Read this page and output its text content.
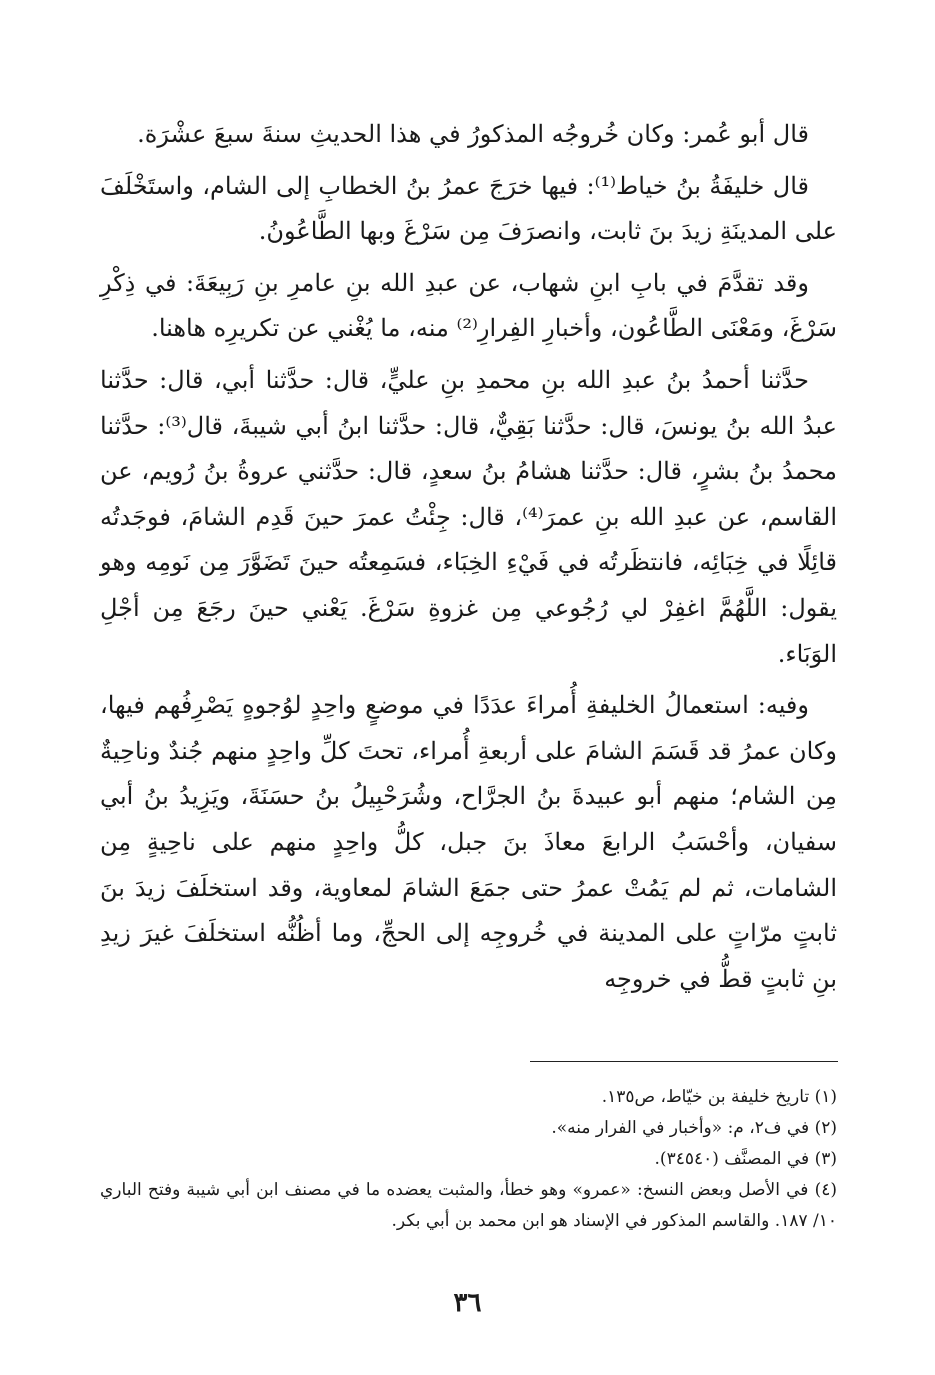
قال أبو عُمر: وكان خُروجُه المذكورُ في هذا الحديثِ سنةَ سبعَ عشْرَة.

قال خليفَةُ بنُ خياط⁽¹⁾: فيها خرَجَ عمرُ بنُ الخطابِ إلى الشام، واستَخْلَفَ على المدينَةِ زيدَ بنَ ثابت، وانصرَفَ مِن سَرْغَ وبها الطَّاعُونُ.

وقد تقدَّمَ في بابِ ابنِ شهاب، عن عبدِ الله بنِ عامرِ بنِ رَبِيعَةَ: في ذِكْرِ سَرْغَ، ومَعْنَى الطَّاعُون، وأخبارِ الفِرارِ⁽²⁾ منه، ما يُغْني عن تكريرِه هاهنا.

حدَّثنا أحمدُ بنُ عبدِ الله بنِ محمدِ بنِ عليٍّ، قال: حدَّثنا أبي، قال: حدَّثنا عبدُ الله بنُ يونسَ، قال: حدَّثنا بَقِيٌّ، قال: حدَّثنا ابنُ أبي شيبةَ، قال⁽³⁾: حدَّثنا محمدُ بنُ بشرٍ، قال: حدَّثنا هشامُ بنُ سعدٍ، قال: حدَّثني عروةُ بنُ رُويم، عن القاسم، عن عبدِ الله بنِ عمرَ⁽⁴⁾، قال: جِئْتُ عمرَ حينَ قَدِم الشامَ، فوجَدتُه قائِلًا في خِبَائِه، فانتظَرتُه في فَيْءِ الخِبَاء، فسَمِعتُه حينَ تَضَوَّرَ مِن نَومِه وهو يقول: اللَّهُمَّ اغفِرْ لي رُجُوعي مِن غزوةِ سَرْغَ. يَعْني حينَ رجَعَ مِن أجْلِ الوَبَاء.

وفيه: استعمالُ الخليفةِ أُمراءَ عدَدًا في موضعٍ واحِدٍ لوُجوهٍ يَصْرِفُهم فيها، وكان عمرُ قد قَسَمَ الشامَ على أربعةِ أُمراء، تحتَ كلِّ واحِدٍ منهم جُندٌ وناحِيةٌ مِن الشام؛ منهم أبو عبيدةَ بنُ الجرَّاح، وشُرَحْبِيلُ بنُ حسَنَةَ، ويَزِيدُ بنُ أبي سفيان، وأحْسَبُ الرابعَ معاذَ بنَ جبل، كلُّ واحِدٍ منهم على ناحِيةٍ مِن الشامات، ثم لم يَمُتْ عمرُ حتى جمَعَ الشامَ لمعاوية، وقد استخلَفَ زيدَ بنَ ثابتٍ مرّاتٍ على المدينة في خُروجِه إلى الحجِّ، وما أظُنُّه استخلَفَ غيرَ زيدِ بنِ ثابتٍ قطُّ في خروجِه

(١) تاريخ خليفة بن خيّاط، ص١٣٥.

(٢) في ف٢، م: «وأخبار في الفرار منه».

(٣) في المصنَّف (٣٤٥٤٠).

(٤) في الأصل وبعض النسخ: «عمرو» وهو خطأ، والمثبت يعضده ما في مصنف ابن أبي شيبة وفتح الباري ١٠/ ١٨٧. والقاسم المذكور في الإسناد هو ابن محمد بن أبي بكر.

٣٦
